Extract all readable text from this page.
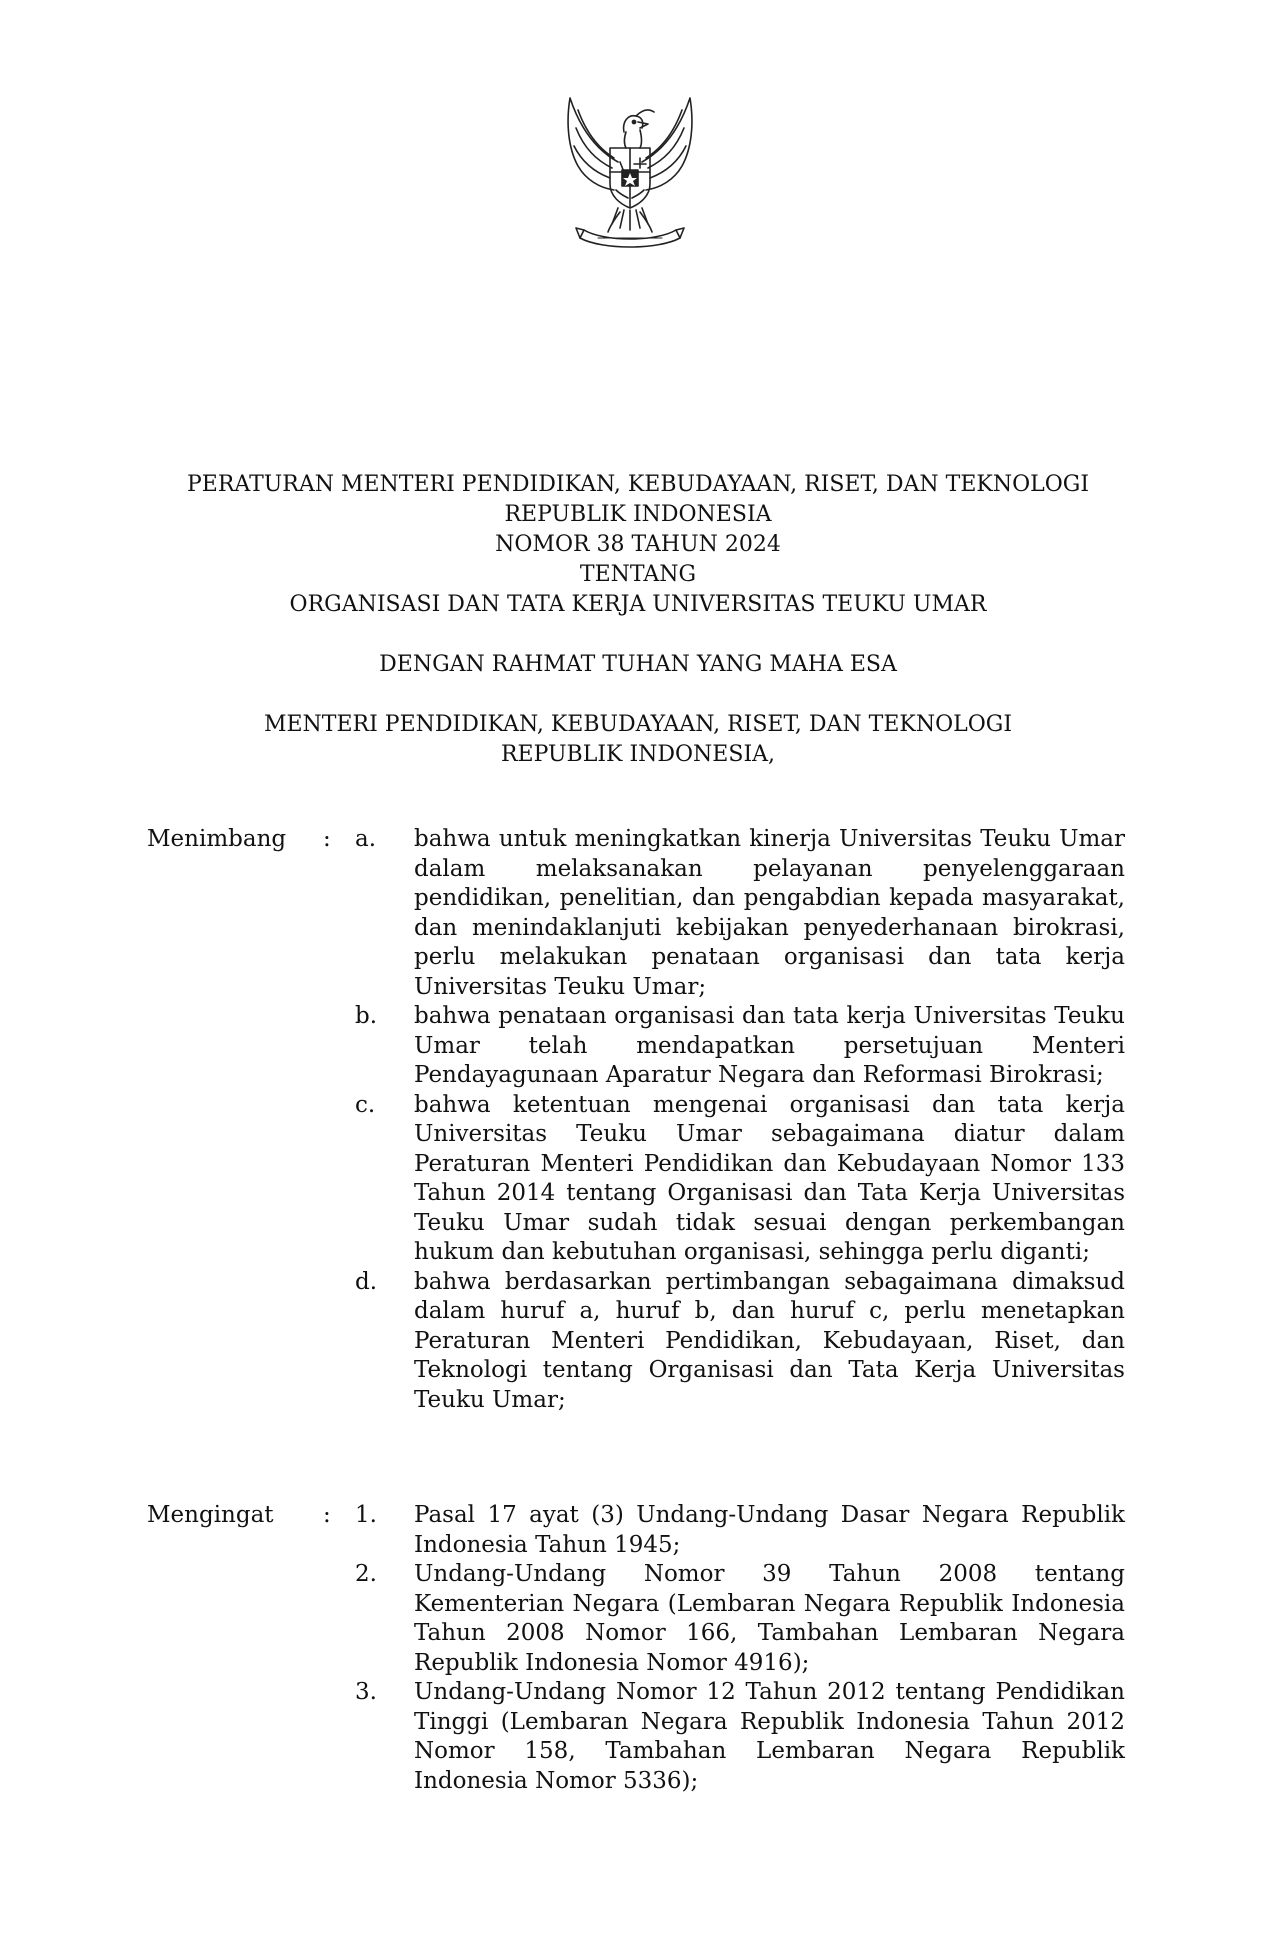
PERATURAN MENTERI PENDIDIKAN, KEBUDAYAAN, RISET, DAN TEKNOLOGI
REPUBLIK INDONESIA
NOMOR 38 TAHUN 2024
TENTANG
ORGANISASI DAN TATA KERJA UNIVERSITAS TEUKU UMAR
DENGAN RAHMAT TUHAN YANG MAHA ESA
MENTERI PENDIDIKAN, KEBUDAYAAN, RISET, DAN TEKNOLOGI
REPUBLIK INDONESIA,
Menimbang	: a.	bahwa untuk meningkatkan kinerja Universitas Teuku Umar dalam melaksanakan pelayanan penyelenggaraan pendidikan, penelitian, dan pengabdian kepada masyarakat, dan menindaklanjuti kebijakan penyederhanaan birokrasi, perlu melakukan penataan organisasi dan tata kerja Universitas Teuku Umar;
b.	bahwa penataan organisasi dan tata kerja Universitas Teuku Umar telah mendapatkan persetujuan Menteri Pendayagunaan Aparatur Negara dan Reformasi Birokrasi;
c.	bahwa ketentuan mengenai organisasi dan tata kerja Universitas Teuku Umar sebagaimana diatur dalam Peraturan Menteri Pendidikan dan Kebudayaan Nomor 133 Tahun 2014 tentang Organisasi dan Tata Kerja Universitas Teuku Umar sudah tidak sesuai dengan perkembangan hukum dan kebutuhan organisasi, sehingga perlu diganti;
d.	bahwa berdasarkan pertimbangan sebagaimana dimaksud dalam huruf a, huruf b, dan huruf c, perlu menetapkan Peraturan Menteri Pendidikan, Kebudayaan, Riset, dan Teknologi tentang Organisasi dan Tata Kerja Universitas Teuku Umar;
Mengingat	: 1.	Pasal 17 ayat (3) Undang-Undang Dasar Negara Republik Indonesia Tahun 1945;
2.	Undang-Undang Nomor 39 Tahun 2008 tentang Kementerian Negara (Lembaran Negara Republik Indonesia Tahun 2008 Nomor 166, Tambahan Lembaran Negara Republik Indonesia Nomor 4916);
3.	Undang-Undang Nomor 12 Tahun 2012 tentang Pendidikan Tinggi (Lembaran Negara Republik Indonesia Tahun 2012 Nomor 158, Tambahan Lembaran Negara Republik Indonesia Nomor 5336);
